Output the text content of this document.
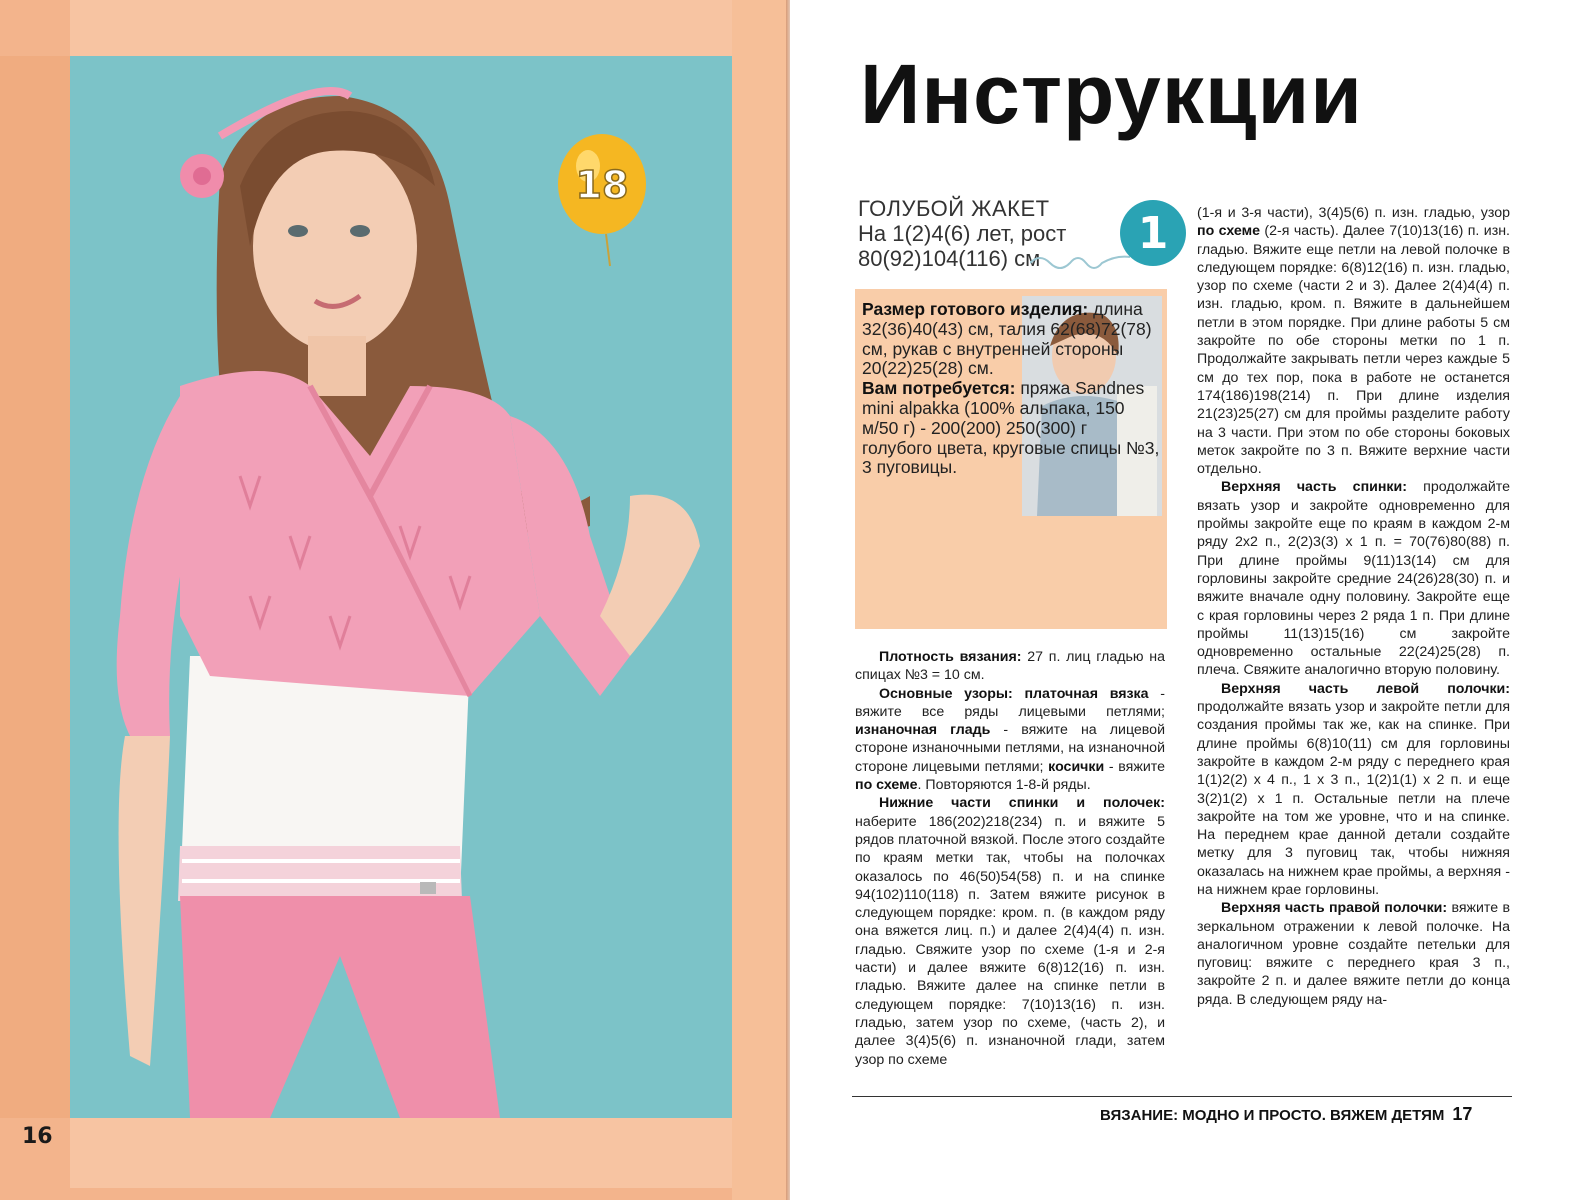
18
16
Инструкции
ГОЛУБОЙ ЖАКЕТ
На 1(2)4(6) лет, рост
80(92)104(116) см	1
Размер готового изделия: длина 32(36)40(43) см, талия 62(68)72(78) см, рукав с внутренней стороны 20(22)25(28) см.
Вам потребуется: пряжа Sandnes mini alpakka (100% альпака, 150 м/50 г) - 200(200) 250(300) г голубого цвета, круговые спицы №3, 3 пуговицы.

Плотность вязания: 27 п. лиц гладью на спицах №3 = 10 см.

Основные узоры: платочная вязка - вяжите все ряды лицевыми петлями; изнаночная гладь - вяжите на лицевой стороне изнаночными петлями, на изнаночной стороне лицевыми петлями; косички - вяжите по схеме. Повторяются 1-8-й ряды.

Нижние части спинки и полочек: наберите 186(202)218(234) п. и вяжите 5 рядов платочной вязкой. После этого создайте по краям метки так, чтобы на полочках оказалось по 46(50)54(58) п. и на спинке 94(102)110(118) п. Затем вяжите рисунок в следующем порядке: кром. п. (в каждом ряду она вяжется лиц. п.) и далее 2(4)4(4) п. изн. гладью. Свяжите узор по схеме (1-я и 2-я части) и далее вяжите 6(8)12(16) п. изн. гладью. Вяжите далее на спинке петли в следующем порядке: 7(10)13(16) п. изн. гладью, затем узор по схеме, (часть 2), и далее 3(4)5(6) п. изнаночной глади, затем узор по схеме

(1-я и 3-я части), 3(4)5(6) п. изн. гладью, узор по схеме (2-я часть). Далее 7(10)13(16) п. изн. гладью. Вяжите еще петли на левой полочке в следующем порядке: 6(8)12(16) п. изн. гладью, узор по схеме (части 2 и 3). Далее 2(4)4(4) п. изн. гладью, кром. п. Вяжите в дальнейшем петли в этом порядке. При длине работы 5 см закройте по обе стороны метки по 1 п. Продолжайте закрывать петли через каждые 5 см до тех пор, пока в работе не останется 174(186)198(214) п. При длине изделия 21(23)25(27) см для проймы разделите работу на 3 части. При этом по обе стороны боковых меток закройте по 3 п. Вяжите верхние части отдельно.

Верхняя часть спинки: продолжайте вязать узор и закройте одновременно для проймы закройте еще по краям в каждом 2-м ряду 2х2 п., 2(2)3(3) х 1 п. = 70(76)80(88) п. При длине проймы 9(11)13(14) см для горловины закройте средние 24(26)28(30) п. и вяжите вначале одну половину. Закройте еще с края горловины через 2 ряда 1 п. При длине проймы 11(13)15(16) см закройте одновременно остальные 22(24)25(28) п. плеча. Свяжите аналогично вторую половину.

Верхняя часть левой полочки: продолжайте вязать узор и закройте петли для создания проймы так же, как на спинке. При длине проймы 6(8)10(11) см для горловины закройте в каждом 2-м ряду с переднего края 1(1)2(2) х 4 п., 1 х 3 п., 1(2)1(1) х 2 п. и еще 3(2)1(2) х 1 п. Остальные петли на плече закройте на том же уровне, что и на спинке. На переднем крае данной детали создайте метку для 3 пуговиц так, чтобы нижняя оказалась на нижнем крае проймы, а верхняя - на нижнем крае горловины.

Верхняя часть правой полочки: вяжите в зеркальном отражении к левой полочке. На аналогичном уровне создайте петельки для пуговиц: вяжите с переднего края 3 п., закройте 2 п. и далее вяжите петли до конца ряда. В следующем ряду на-

ВЯЗАНИЕ: МОДНО И ПРОСТО. ВЯЖЕМ ДЕТЯМ 17
